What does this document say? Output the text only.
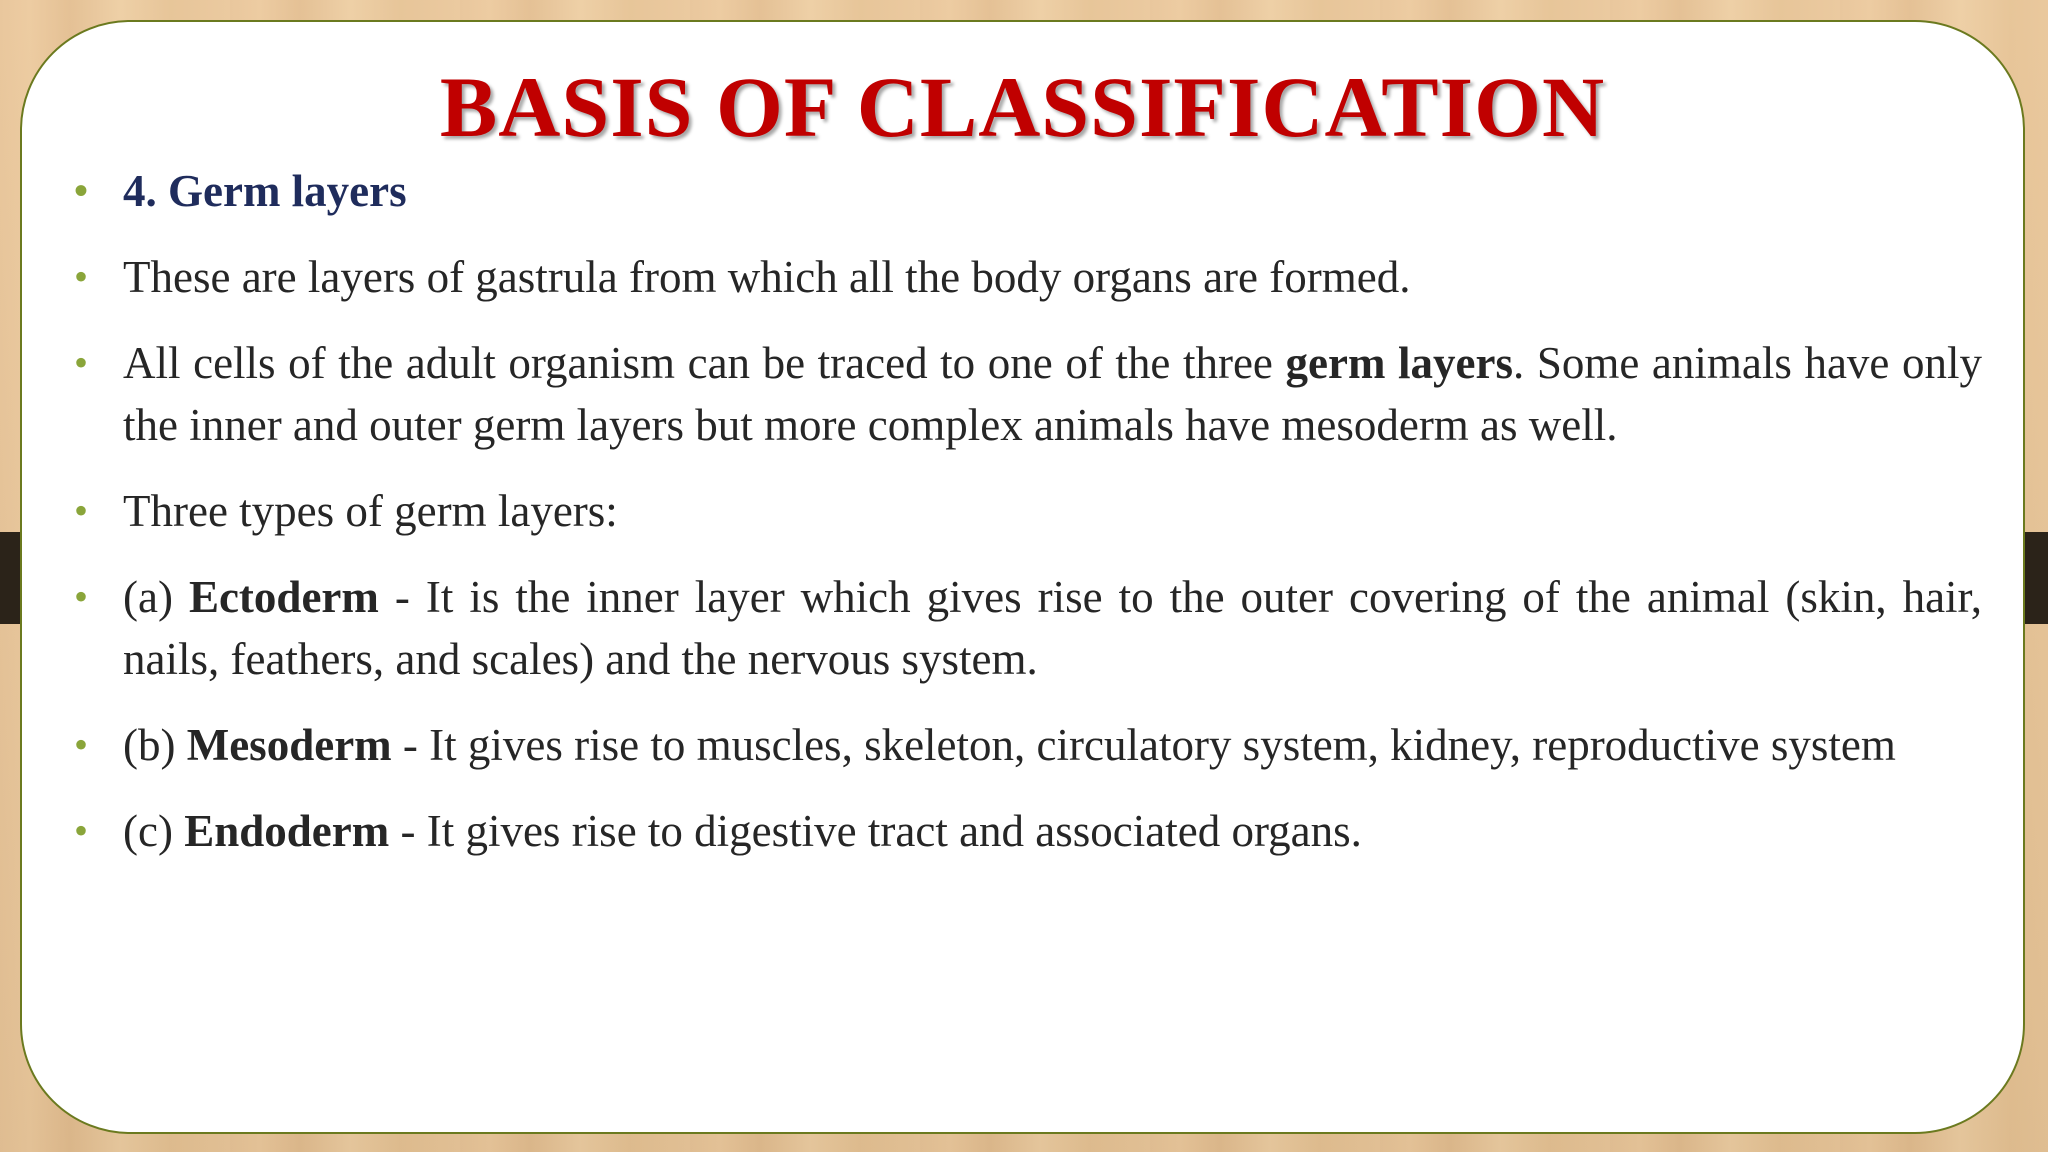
BASIS OF CLASSIFICATION
• 4. Germ layers
• These are layers of gastrula from which all the body organs are formed.
• All cells of the adult organism can be traced to one of the three germ layers. Some animals have only the inner and outer germ layers but more complex animals have mesoderm as well.
• Three types of germ layers:
• (a) Ectoderm - It is the inner layer which gives rise to the outer covering of the animal (skin, hair, nails, feathers, and scales) and the nervous system.
• (b) Mesoderm - It gives rise to muscles, skeleton, circulatory system, kidney, reproductive system
• (c) Endoderm - It gives rise to digestive tract and associated organs.
